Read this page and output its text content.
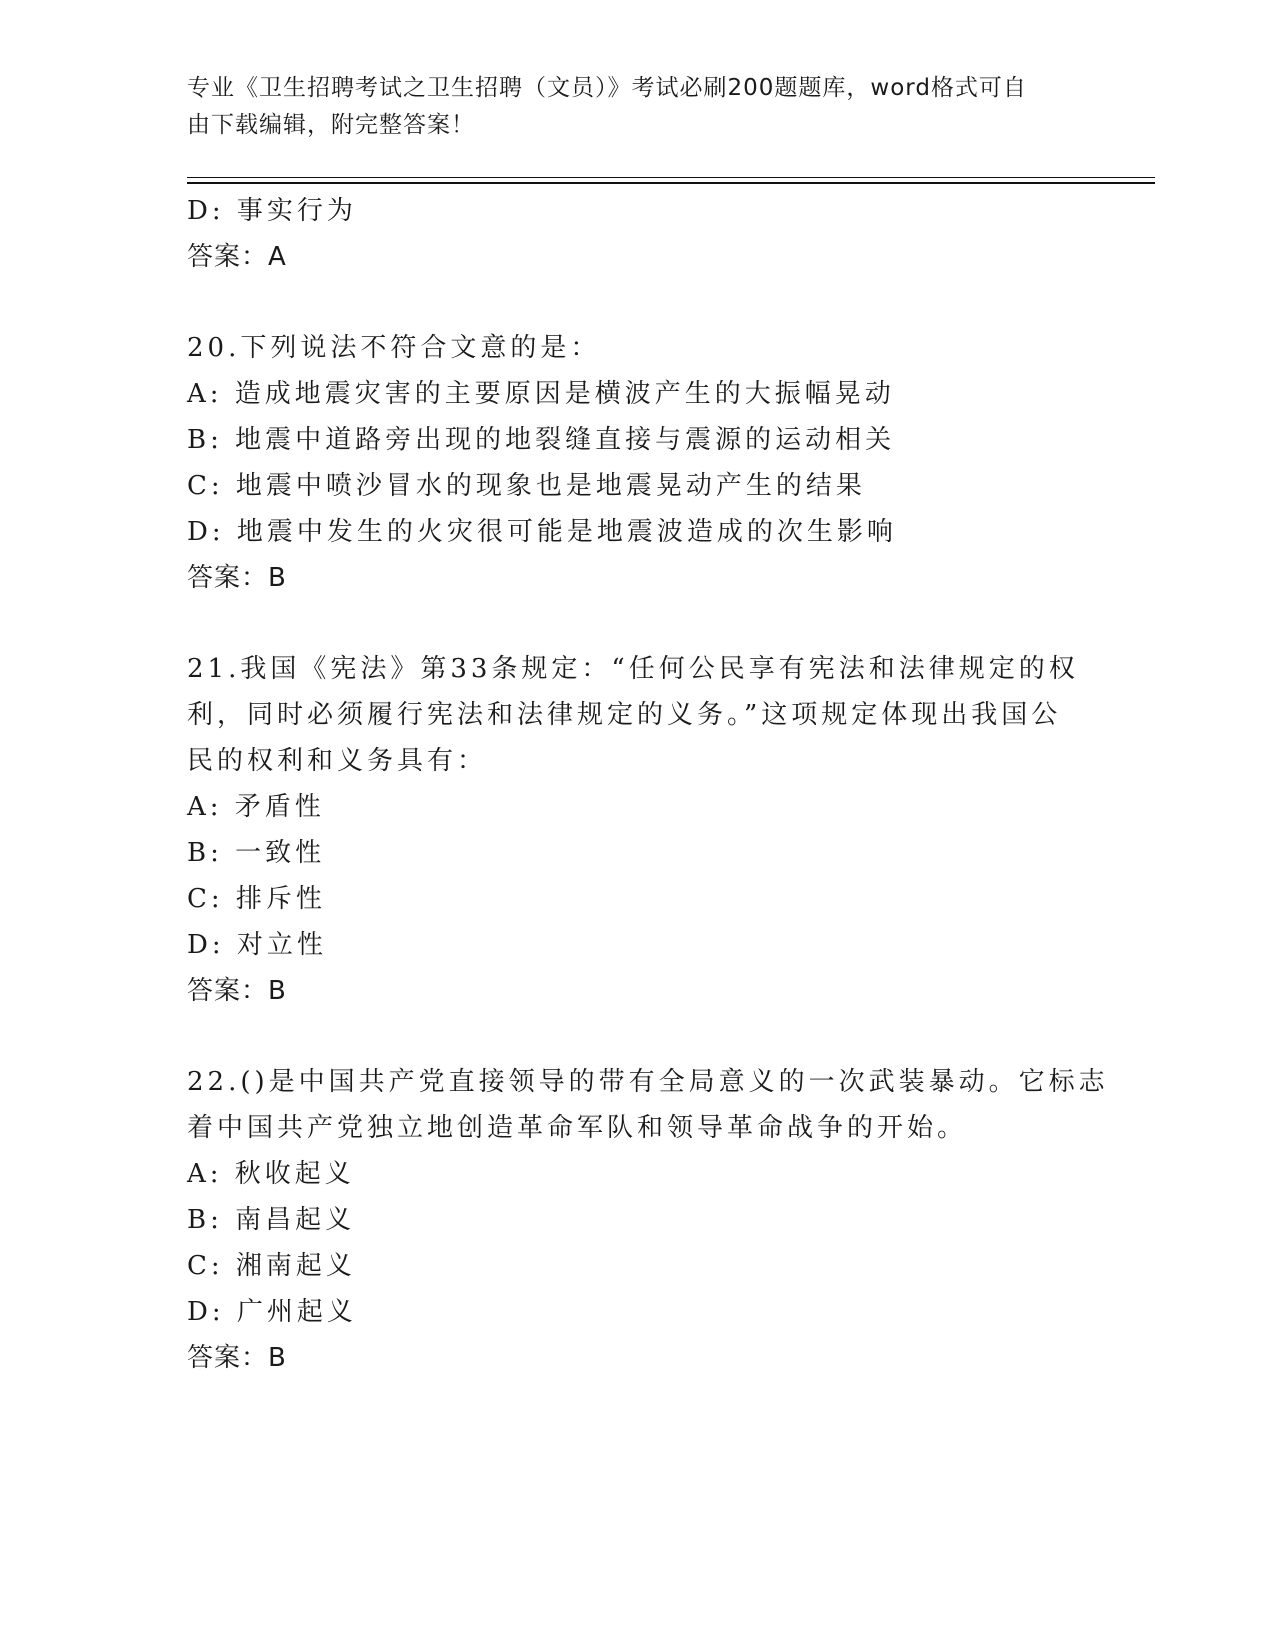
专业《卫生招聘考试之卫生招聘（文员）》考试必刷200题题库，word格式可自
由下载编辑，附完整答案！

D: 事实行为

答案：A

20.下列说法不符合文意的是：

A: 造成地震灾害的主要原因是横波产生的大振幅晃动

B: 地震中道路旁出现的地裂缝直接与震源的运动相关

C: 地震中喷沙冒水的现象也是地震晃动产生的结果

D: 地震中发生的火灾很可能是地震波造成的次生影响

答案：B

21.我国《宪法》第33条规定：“任何公民享有宪法和法律规定的权

利，同时必须履行宪法和法律规定的义务。”这项规定体现出我国公

民的权利和义务具有：

A: 矛盾性

B: 一致性

C: 排斥性

D: 对立性

答案：B

22.()是中国共产党直接领导的带有全局意义的一次武装暴动。它标志

着中国共产党独立地创造革命军队和领导革命战争的开始。

A: 秋收起义

B: 南昌起义

C: 湘南起义

D: 广州起义

答案：B
